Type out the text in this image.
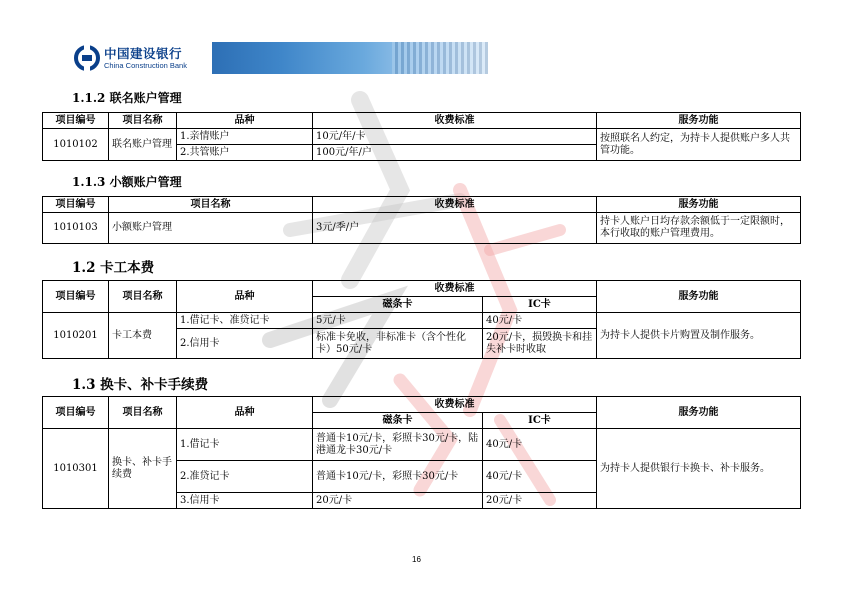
中国建设银行
China Construction Bank
1.1.2 联名账户管理
项目编号	项目名称	品种	收费标准	服务功能
1010102	联名账户管理	1.亲情账户	10元/年/卡	按照联名人约定，为持卡人提供账户多人共管功能。
		2.共管账户	100元/年/户	
1.1.3 小额账户管理
项目编号	项目名称	收费标准	服务功能
1010103	小额账户管理	3元/季/户	持卡人账户日均存款余额低于一定限额时，本行收取的账户管理费用。
1.2 卡工本费
项目编号	项目名称	品种	收费标准		服务功能
			磁条卡	IC卡	
1010201	卡工本费	1.借记卡、准贷记卡	5元/卡	40元/卡	为持卡人提供卡片购置及制作服务。
		2.信用卡	标准卡免收，非标准卡（含个性化卡）50元/卡	20元/卡，损毁换卡和挂失补卡时收取	
1.3 换卡、补卡手续费
项目编号	项目名称	品种	收费标准		服务功能
			磁条卡	IC卡	
1010301	换卡、补卡手续费	1.借记卡	普通卡10元/卡，彩照卡30元/卡，陆港通龙卡30元/卡	40元/卡	为持卡人提供银行卡换卡、补卡服务。
		2.准贷记卡	普通卡10元/卡，彩照卡30元/卡	40元/卡	
		3.信用卡	20元/卡	20元/卡	
16
